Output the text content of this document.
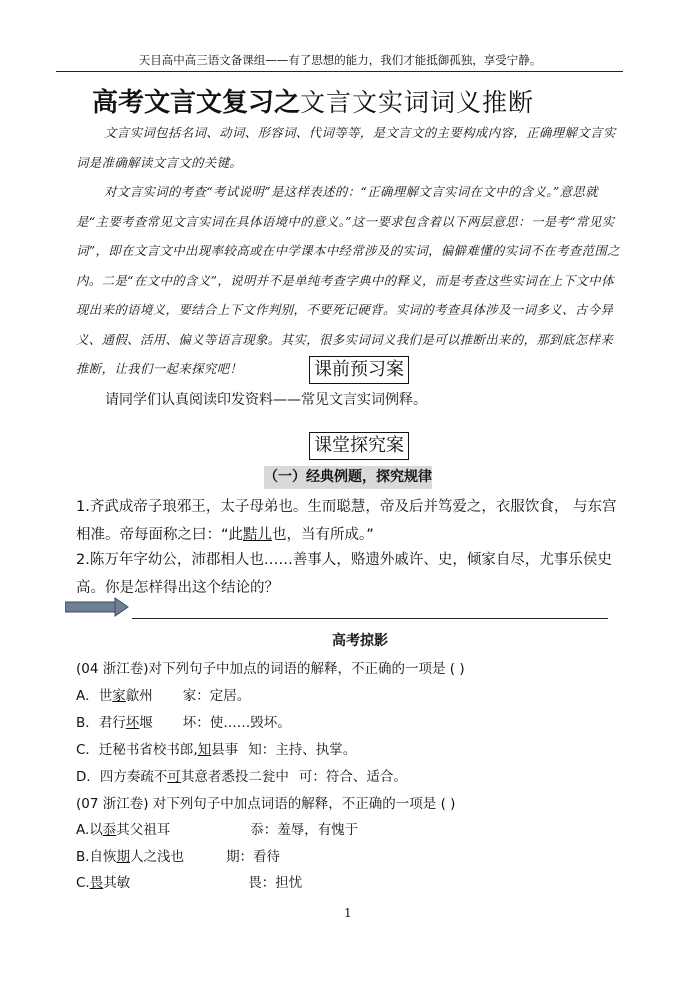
天目高中高三语文备课组——有了思想的能力，我们才能抵御孤独，享受宁静。
高考文言文复习之文言文实词词义推断
文言实词包括名词、动词、形容词、代词等等，是文言文的主要构成内容，正确理解文言实词是准确解读文言文的关键。
对文言实词的考查“考试说明”是这样表述的：“正确理解文言实词在文中的含义。”意思就是“主要考查常见文言实词在具体语境中的意义。”这一要求包含着以下两层意思：一是考“常见实词”，即在文言文中出现率较高或在中学课本中经常涉及的实词，偏僻难懂的实词不在考查范围之内。二是“在文中的含义”，说明并不是单纯考查字典中的释义，而是考查这些实词在上下文中体现出来的语境义，要结合上下文作判别，不要死记硬背。实词的考查具体涉及一词多义、古今异义、通假、活用、偏义等语言现象。其实，很多实词词义我们是可以推断出来的，那到底怎样来推断，让我们一起来探究吧！	课前预习案
请同学们认真阅读印发资料——常见文言实词例释。
课堂探究案
（一）经典例题，探究规律
1.齐武成帝子琅邪王，太子母弟也。生而聪慧，帝及后并笃爱之，衣服饮食， 与东宫相准。帝每面称之曰：“此黠儿也，当有所成。”
2.陈万年字幼公，沛郡相人也……善事人，赂遗外戚许、史，倾家自尽，尤事乐侯史高。你是怎样得出这个结论的？
高考掠影
(04 浙江卷)对下列句子中加点的词语的解释，不正确的一项是 ( )
A．世家歙州 家：定居。
B．君行坏堰 坏：使……毁坏。
C．迁秘书省校书郎,知县事 知：主持、执掌。
D．四方奏疏不可其意者悉投二瓮中 可：符合、适合。
(07 浙江卷) 对下列句子中加点词语的解释，不正确的一项是 ( )
A.以忝其父祖耳	忝：羞辱，有愧于
B.自恢期人之浅也	期：看待
C.畏其敏	畏：担忧
1
